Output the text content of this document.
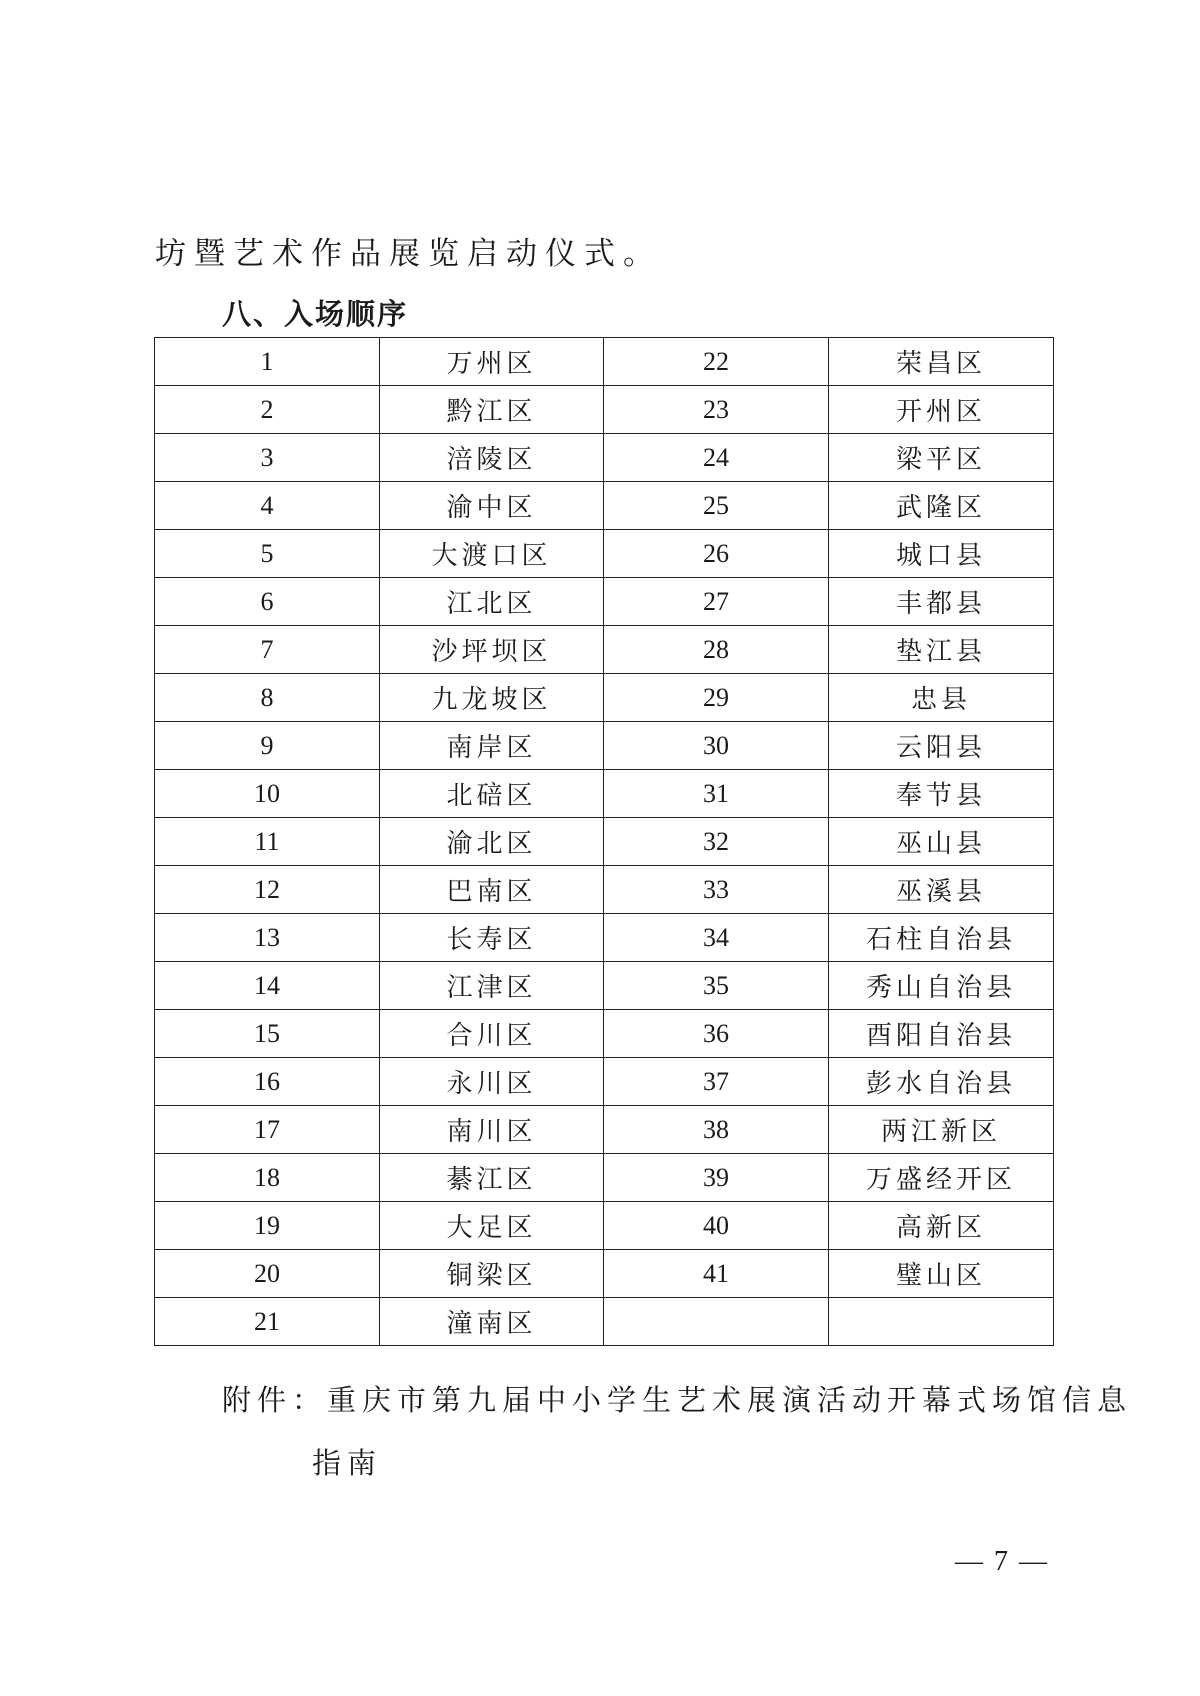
坊暨艺术作品展览启动仪式。
八、入场顺序
1	万州区	22	荣昌区
2	黔江区	23	开州区
3	涪陵区	24	梁平区
4	渝中区	25	武隆区
5	大渡口区	26	城口县
6	江北区	27	丰都县
7	沙坪坝区	28	垫江县
8	九龙坡区	29	忠县
9	南岸区	30	云阳县
10	北碚区	31	奉节县
11	渝北区	32	巫山县
12	巴南区	33	巫溪县
13	长寿区	34	石柱自治县
14	江津区	35	秀山自治县
15	合川区	36	酉阳自治县
16	永川区	37	彭水自治县
17	南川区	38	两江新区
18	綦江区	39	万盛经开区
19	大足区	40	高新区
20	铜梁区	41	璧山区
21	潼南区		
附件：重庆市第九届中小学生艺术展演活动开幕式场馆信息
指南
— 7 —
